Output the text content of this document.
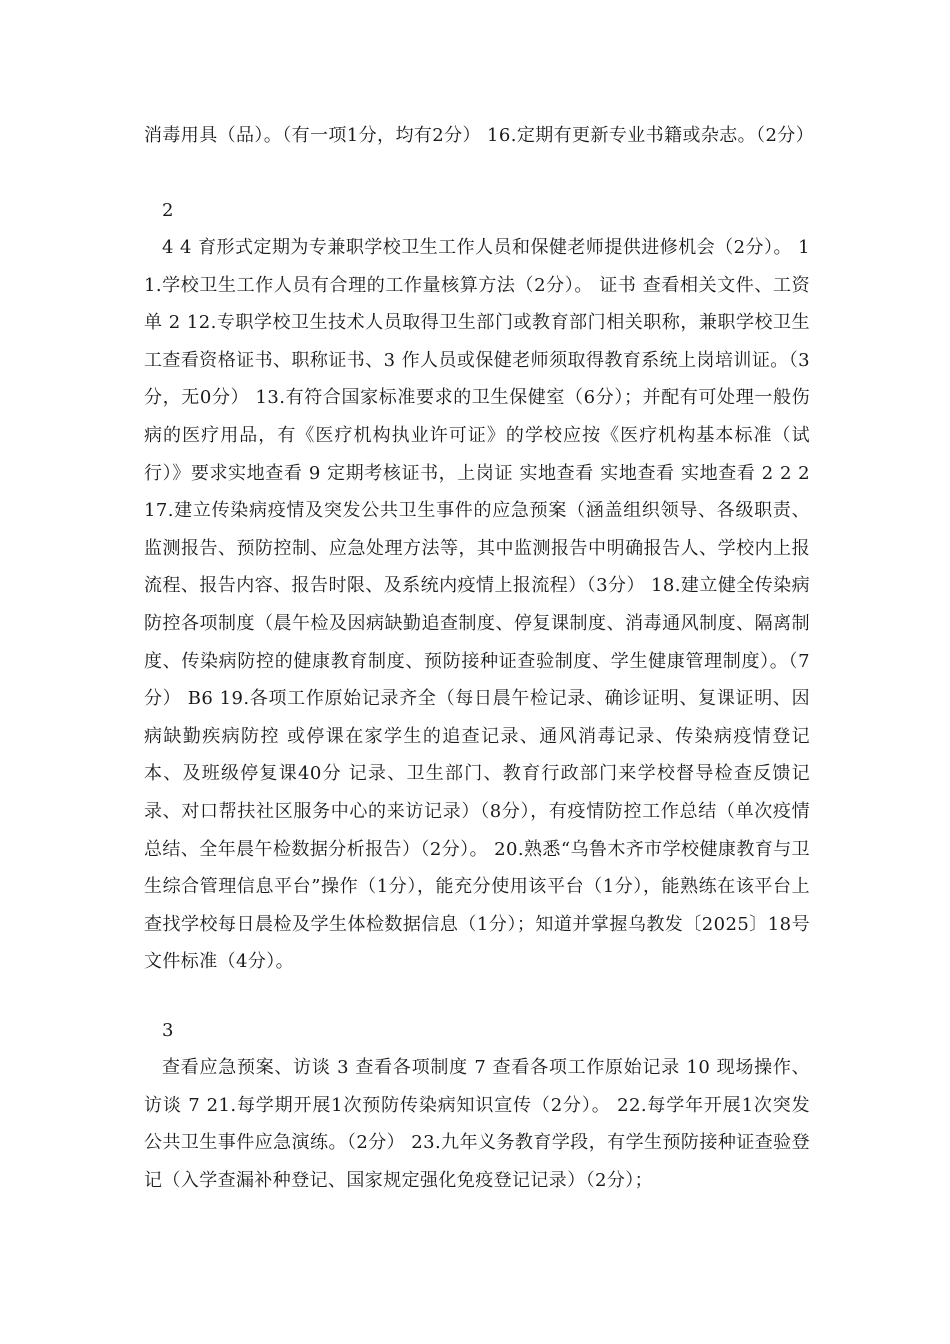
消毒用具（品）。（有一项1分，均有2分） 16.定期有更新专业书籍或杂志。（2分）

2

4 4 育形式定期为专兼职学校卫生工作人员和保健老师提供进修机会（2分）。 11.学校卫生工作人员有合理的工作量核算方法（2分）。 证书 查看相关文件、工资单 2 12.专职学校卫生技术人员取得卫生部门或教育部门相关职称，兼职学校卫生工查看资格证书、职称证书、3 作人员或保健老师须取得教育系统上岗培训证。（3分，无0分） 13.有符合国家标准要求的卫生保健室（6分）；并配有可处理一般伤病的医疗用品，有《医疗机构执业许可证》的学校应按《医疗机构基本标准（试行）》要求实地查看 9 定期考核证书，上岗证 实地查看 实地查看 实地查看 2 2 2 17.建立传染病疫情及突发公共卫生事件的应急预案（涵盖组织领导、各级职责、监测报告、预防控制、应急处理方法等，其中监测报告中明确报告人、学校内上报流程、报告内容、报告时限、及系统内疫情上报流程）（3分） 18.建立健全传染病防控各项制度（晨午检及因病缺勤追查制度、停复课制度、消毒通风制度、隔离制度、传染病防控的健康教育制度、预防接种证查验制度、学生健康管理制度）。（7分） B6 19.各项工作原始记录齐全（每日晨午检记录、确诊证明、复课证明、因病缺勤疾病防控 或停课在家学生的追查记录、通风消毒记录、传染病疫情登记本、及班级停复课40分 记录、卫生部门、教育行政部门来学校督导检查反馈记录、对口帮扶社区服务中心的来访记录）（8分），有疫情防控工作总结（单次疫情总结、全年晨午检数据分析报告）（2分）。 20.熟悉“乌鲁木齐市学校健康教育与卫生综合管理信息平台”操作（1分），能充分使用该平台（1分），能熟练在该平台上查找学校每日晨检及学生体检数据信息（1分）；知道并掌握乌教发〔2025〕18号文件标准（4分）。

3

查看应急预案、访谈 3 查看各项制度 7 查看各项工作原始记录 10 现场操作、访谈 7 21.每学期开展1次预防传染病知识宣传（2分）。 22.每学年开展1次突发公共卫生事件应急演练。（2分） 23.九年义务教育学段，有学生预防接种证查验登记（入学查漏补种登记、国家规定强化免疫登记记录）（2分）；
